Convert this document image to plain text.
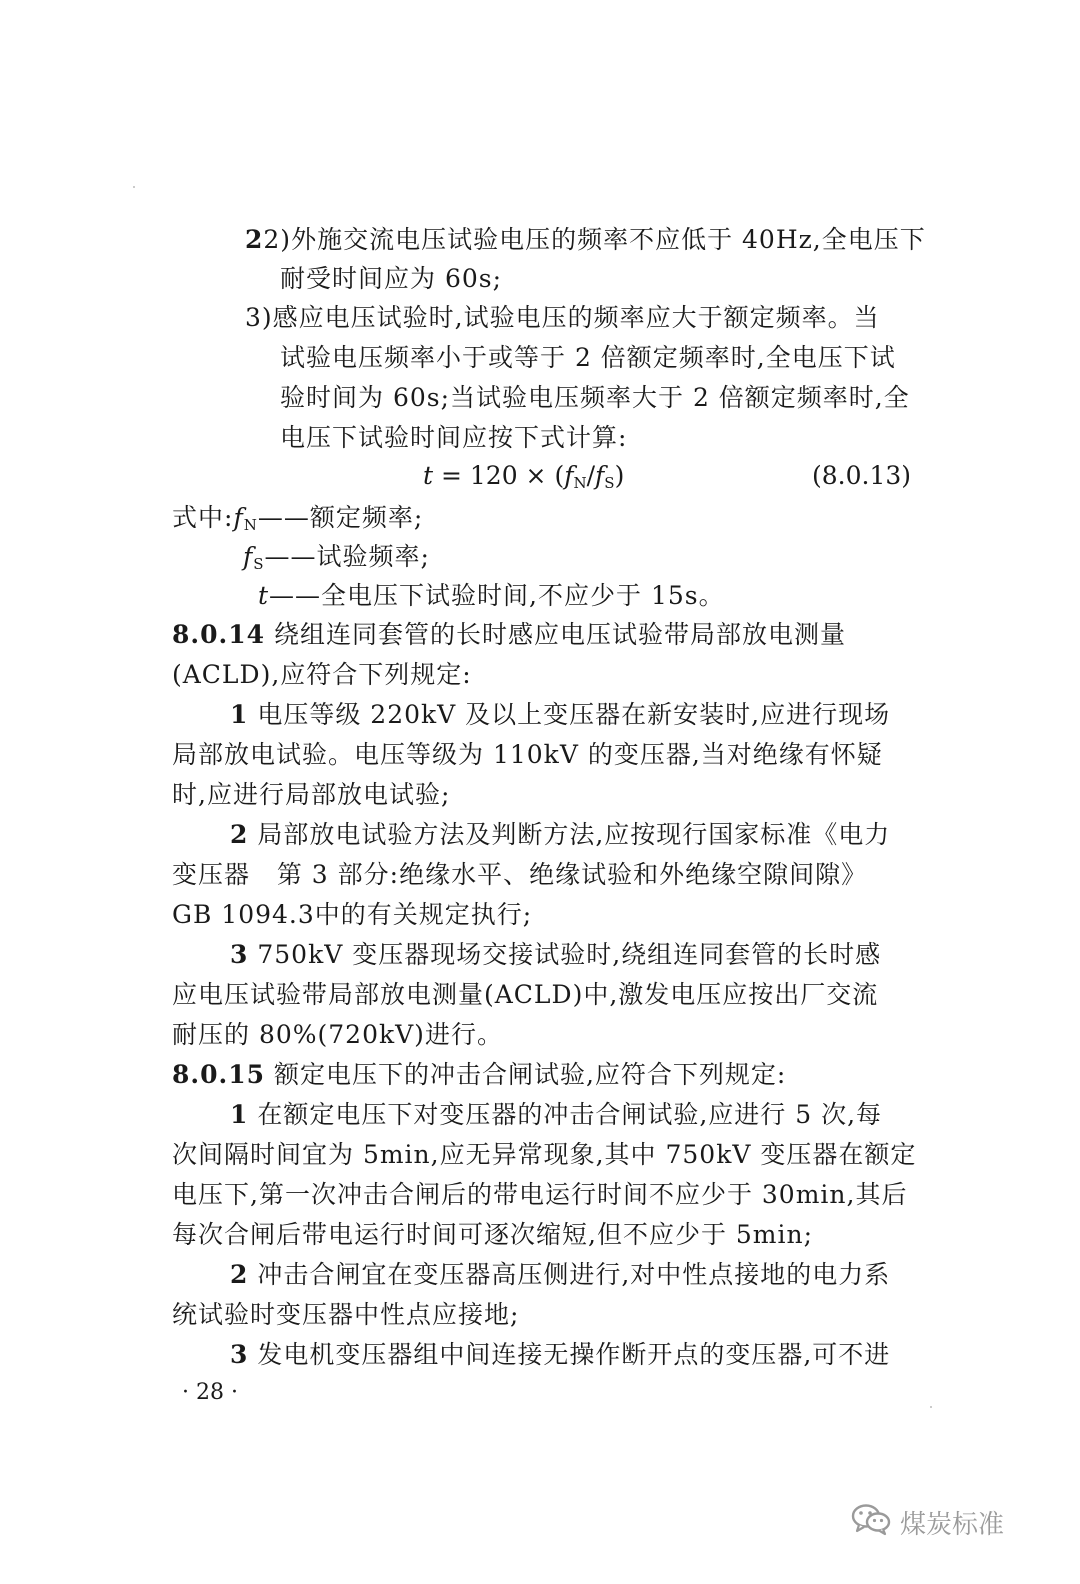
22)外施交流电压试验电压的频率不应低于 40Hz,全电压下
耐受时间应为 60s;
3)感应电压试验时,试验电压的频率应大于额定频率。当
试验电压频率小于或等于 2 倍额定频率时,全电压下试
验时间为 60s;当试验电压频率大于 2 倍额定频率时,全
电压下试验时间应按下式计算:
$t = 120 \times (f_N/f_S)$	(8.0.13)
式中$:f_N——$额定频率;
$f_S——$试验频率;
t——全电压下试验时间,不应少于 15s。
8.0.14 绕组连同套管的长时感应电压试验带局部放电测量
(ACLD),应符合下列规定:
1 电压等级 220kV 及以上变压器在新安装时,应进行现场
局部放电试验。电压等级为 110kV 的变压器,当对绝缘有怀疑
时,应进行局部放电试验;
2 局部放电试验方法及判断方法,应按现行国家标准《电力
变压器   第 3 部分:绝缘水平、绝缘试验和外绝缘空隙间隙》
GB 1094.3中的有关规定执行;
3 750kV 变压器现场交接试验时,绕组连同套管的长时感
应电压试验带局部放电测量(ACLD)中,激发电压应按出厂交流
耐压的 80%(720kV)进行。
8.0.15 额定电压下的冲击合闸试验,应符合下列规定:
1 在额定电压下对变压器的冲击合闸试验,应进行 5 次,每
次间隔时间宜为 5min,应无异常现象,其中 750kV 变压器在额定
电压下,第一次冲击合闸后的带电运行时间不应少于 30min,其后
每次合闸后带电运行时间可逐次缩短,但不应少于 5min;
2 冲击合闸宜在变压器高压侧进行,对中性点接地的电力系
统试验时变压器中性点应接地;
3 发电机变压器组中间连接无操作断开点的变压器,可不进
· 28 ·
煤炭标准
